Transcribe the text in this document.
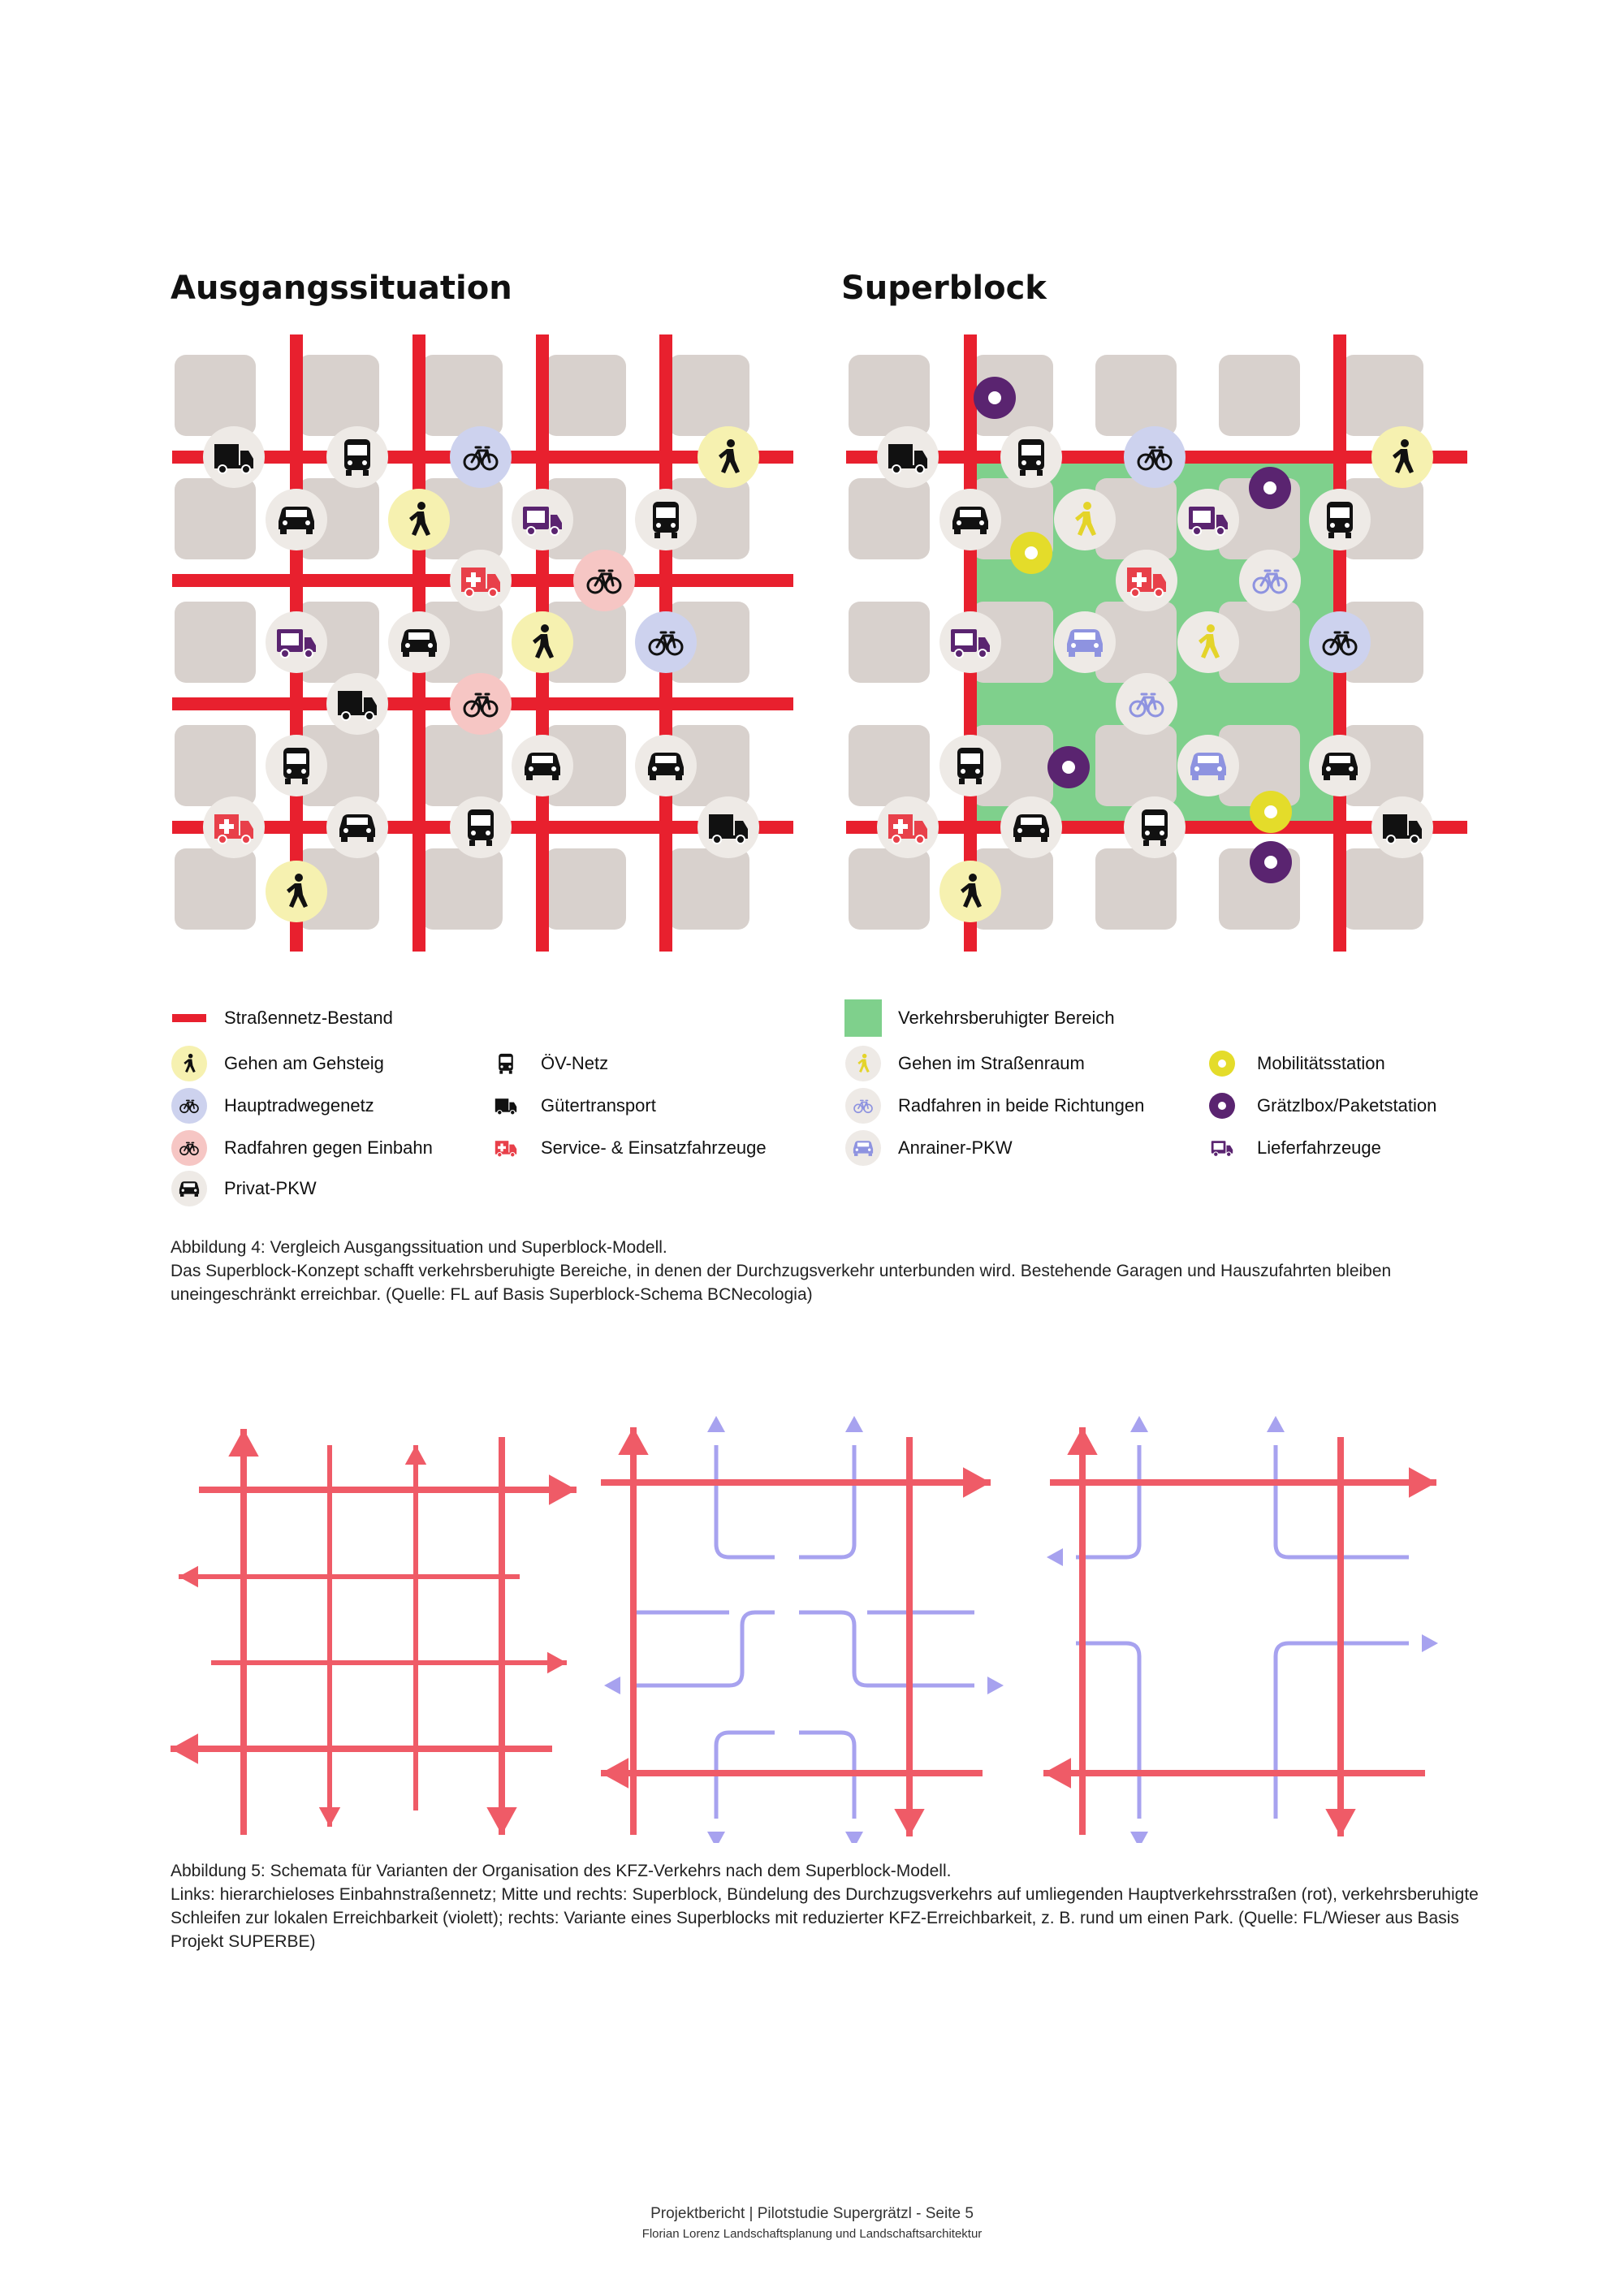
Ausgangssituation	Superblock
Straßennetz-Bestand
Gehen am Gehsteig
Hauptradwegenetz
Radfahren gegen Einbahn
Privat-PKW
ÖV-Netz
Gütertransport
Service- & Einsatzfahrzeuge
Verkehrsberuhigter Bereich
Gehen im Straßenraum
Radfahren in beide Richtungen
Anrainer-PKW
Mobilitätsstation
Grätzlbox/Paketstation
Lieferfahrzeuge
Abbildung 4: Vergleich Ausgangssituation und Superblock-Modell.
Das Superblock-Konzept schafft verkehrsberuhigte Bereiche, in denen der Durchzugsverkehr unterbunden wird. Bestehende Garagen und Hauszufahrten bleiben uneingeschränkt erreichbar. (Quelle: FL auf Basis Superblock-Schema BCNecologia)
Abbildung 5: Schemata für Varianten der Organisation des KFZ-Verkehrs nach dem Superblock-Modell.
Links: hierarchieloses Einbahnstraßennetz; Mitte und rechts: Superblock, Bündelung des Durchzugsverkehrs auf umliegenden Hauptverkehrsstraßen (rot), verkehrsberuhigte Schleifen zur lokalen Erreichbarkeit (violett); rechts: Variante eines Superblocks mit reduzierter KFZ-Erreichbarkeit, z. B. rund um einen Park. (Quelle: FL/Wieser aus Basis Projekt SUPERBE)
Projektbericht | Pilotstudie Supergrätzl - Seite 5
Florian Lorenz Landschaftsplanung und Landschaftsarchitektur
